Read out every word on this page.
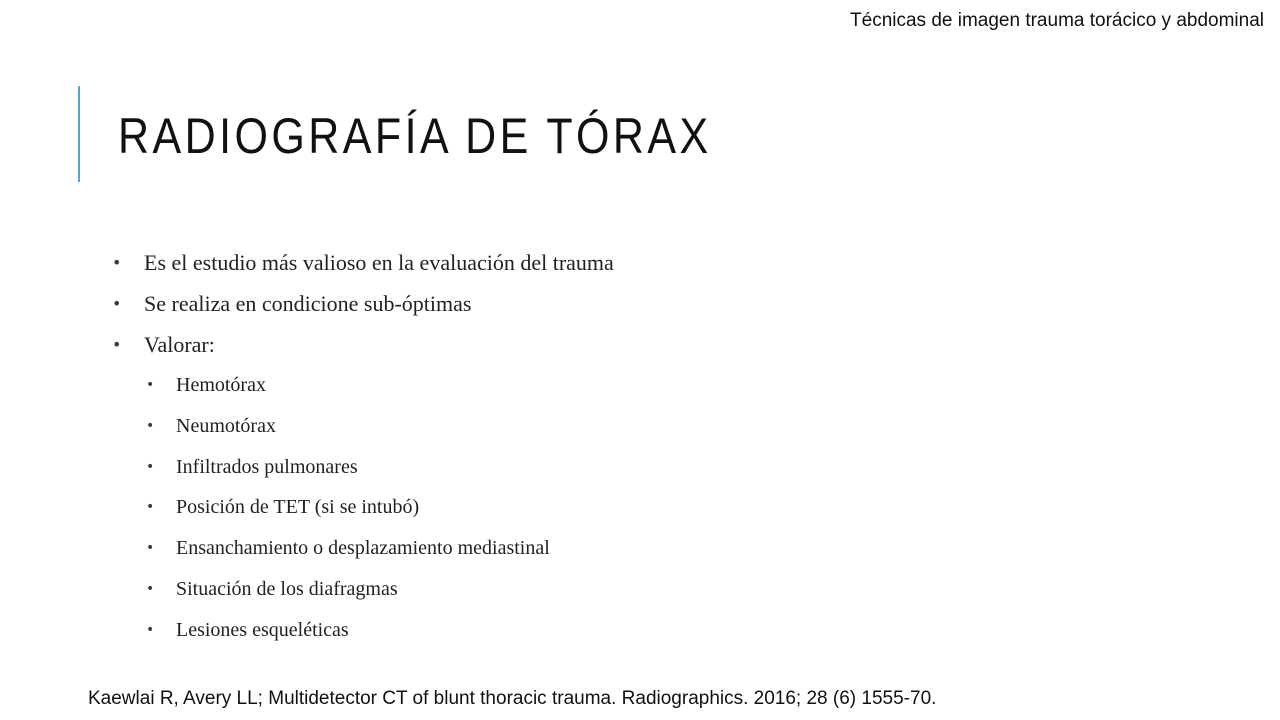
Técnicas de imagen trauma torácico y abdominal
RADIOGRAFÍA DE TÓRAX
• Es el estudio más valioso en la evaluación del trauma
• Se realiza en condicione sub-óptimas
• Valorar:
• Hemotórax
• Neumotórax
• Infiltrados pulmonares
• Posición de TET (si se intubó)
• Ensanchamiento o desplazamiento mediastinal
• Situación de los diafragmas
• Lesiones esqueléticas
Kaewlai R, Avery LL; Multidetector CT of blunt thoracic trauma. Radiographics. 2016; 28 (6) 1555-70.
